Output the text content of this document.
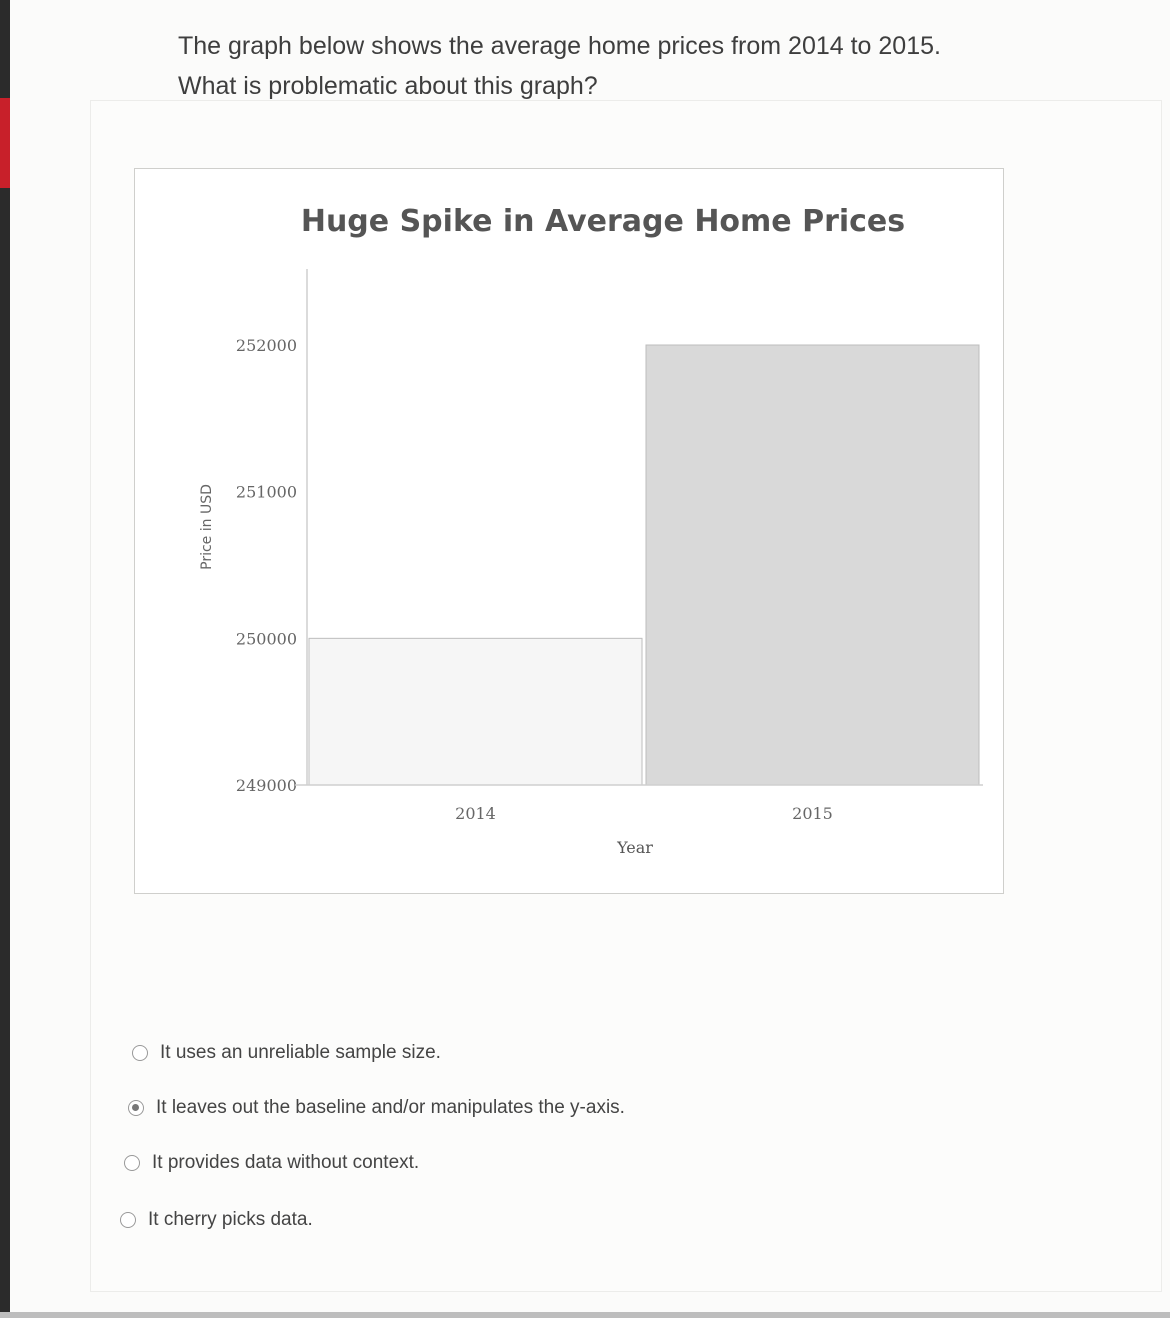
The graph below shows the average home prices from 2014 to 2015.
What is problematic about this graph?
Huge Spike in Average Home Prices
249000
250000
251000
252000
2014	2015
Year
Price in USD
It uses an unreliable sample size.
It leaves out the baseline and/or manipulates the y-axis.
It provides data without context.
It cherry picks data.
